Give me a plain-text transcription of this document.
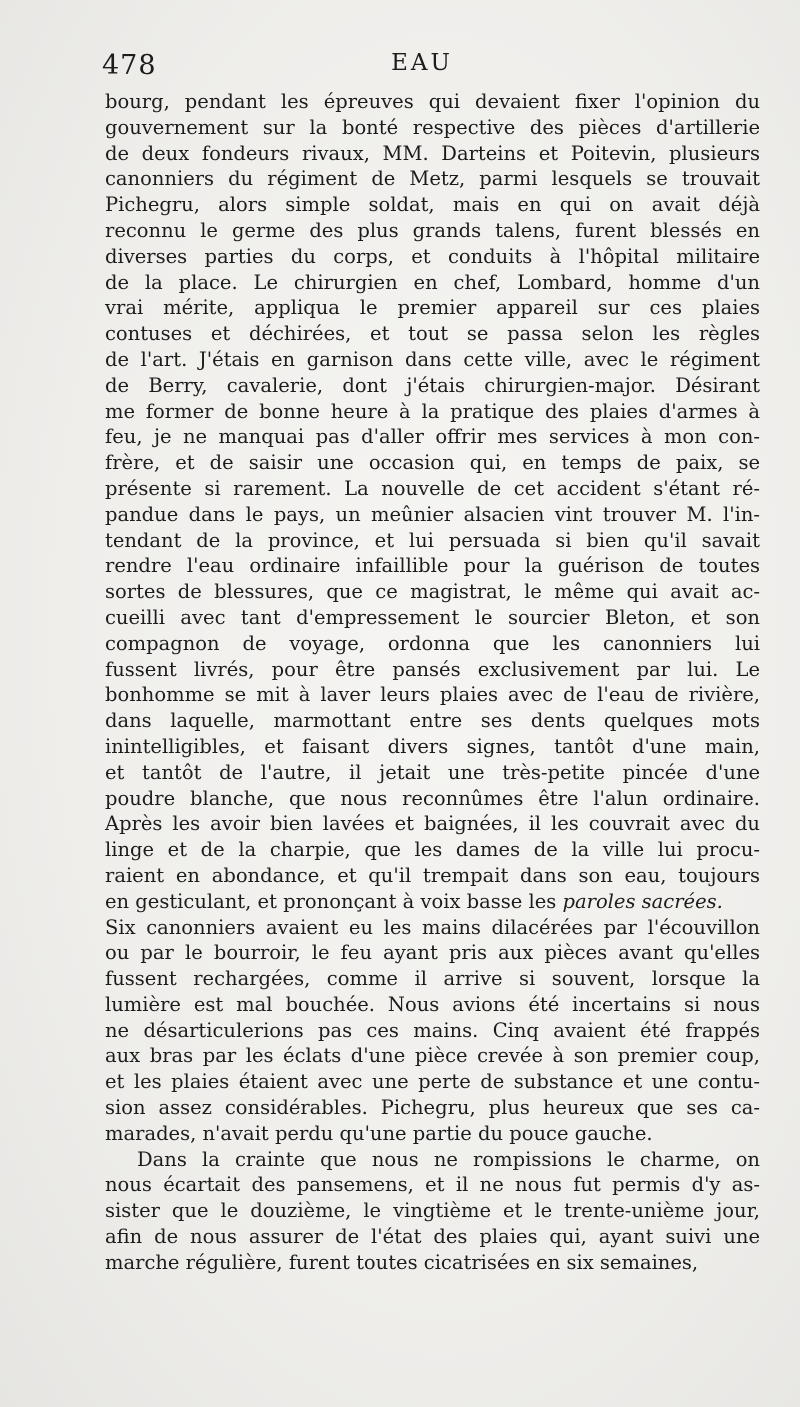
478	EAU
bourg, pendant les épreuves qui devaient fixer l'opinion du
gouvernement sur la bonté respective des pièces d'artillerie
de deux fondeurs rivaux, MM. Darteins et Poitevin, plusieurs
canonniers du régiment de Metz, parmi lesquels se trouvait
Pichegru, alors simple soldat, mais en qui on avait déjà
reconnu le germe des plus grands talens, furent blessés en
diverses parties du corps, et conduits à l'hôpital militaire
de la place. Le chirurgien en chef, Lombard, homme d'un
vrai mérite, appliqua le premier appareil sur ces plaies
contuses et déchirées, et tout se passa selon les règles
de l'art. J'étais en garnison dans cette ville, avec le régiment
de Berry, cavalerie, dont j'étais chirurgien-major. Désirant
me former de bonne heure à la pratique des plaies d'armes à
feu, je ne manquai pas d'aller offrir mes services à mon con-
frère, et de saisir une occasion qui, en temps de paix, se
présente si rarement. La nouvelle de cet accident s'étant ré-
pandue dans le pays, un meûnier alsacien vint trouver M. l'in-
tendant de la province, et lui persuada si bien qu'il savait
rendre l'eau ordinaire infaillible pour la guérison de toutes
sortes de blessures, que ce magistrat, le même qui avait ac-
cueilli avec tant d'empressement le sourcier Bleton, et son
compagnon de voyage, ordonna que les canonniers lui
fussent livrés, pour être pansés exclusivement par lui. Le
bonhomme se mit à laver leurs plaies avec de l'eau de rivière,
dans laquelle, marmottant entre ses dents quelques mots
inintelligibles, et faisant divers signes, tantôt d'une main,
et tantôt de l'autre, il jetait une très-petite pincée d'une
poudre blanche, que nous reconnûmes être l'alun ordinaire.
Après les avoir bien lavées et baignées, il les couvrait avec du
linge et de la charpie, que les dames de la ville lui procu-
raient en abondance, et qu'il trempait dans son eau, toujours
en gesticulant, et prononçant à voix basse les paroles sacrées.
Six canonniers avaient eu les mains dilacérées par l'écouvillon
ou par le bourroir, le feu ayant pris aux pièces avant qu'elles
fussent rechargées, comme il arrive si souvent, lorsque la
lumière est mal bouchée. Nous avions été incertains si nous
ne désarticulerions pas ces mains. Cinq avaient été frappés
aux bras par les éclats d'une pièce crevée à son premier coup,
et les plaies étaient avec une perte de substance et une contu-
sion assez considérables. Pichegru, plus heureux que ses ca-
marades, n'avait perdu qu'une partie du pouce gauche.
Dans la crainte que nous ne rompissions le charme, on
nous écartait des pansemens, et il ne nous fut permis d'y as-
sister que le douzième, le vingtième et le trente-unième jour,
afin de nous assurer de l'état des plaies qui, ayant suivi une
marche régulière, furent toutes cicatrisées en six semaines,
